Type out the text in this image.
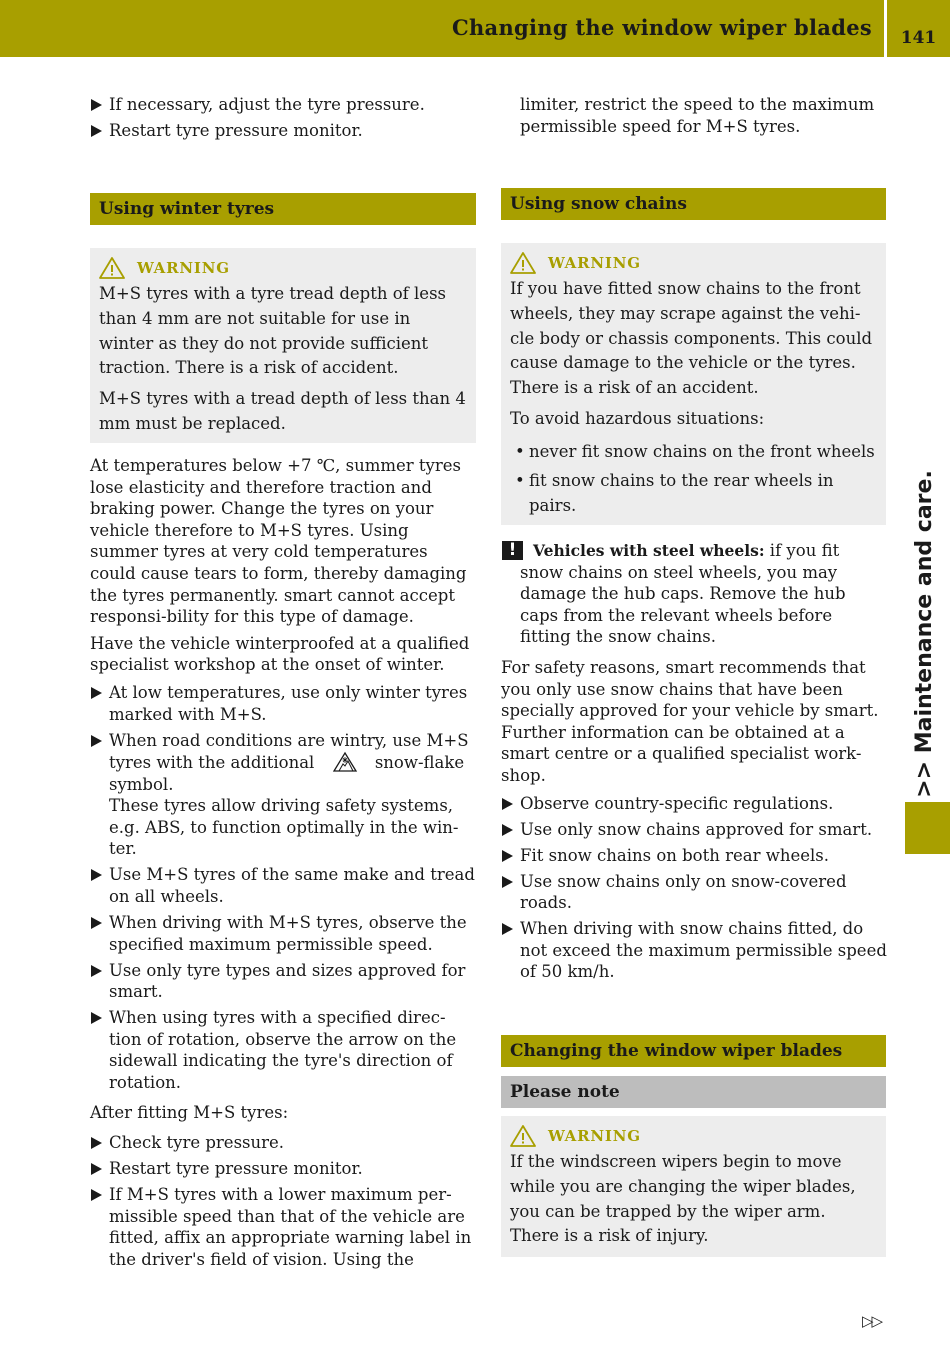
Changing the window wiper blades	141
If necessary, adjust the tyre pressure.
Restart tyre pressure monitor.
Using winter tyres
WARNING

M+S tyres with a tyre tread depth of less than 4 mm are not suitable for use in winter as they do not provide sufficient traction. There is a risk of accident.

M+S tyres with a tread depth of less than 4 mm must be replaced.

At temperatures below +7 ℃, summer tyres lose elasticity and therefore traction and braking power. Change the tyres on your vehicle therefore to M+S tyres. Using summer tyres at very cold temperatures could cause tears to form, thereby damaging the tyres permanently. smart cannot accept responsi-bility for this type of damage.

Have the vehicle winterproofed at a qualified specialist workshop at the onset of winter.

At low temperatures, use only winter tyres marked with M+S.
When road conditions are wintry, use M+S tyres with the additional	snow-flake symbol.
These tyres allow driving safety systems, e.g. ABS, to function optimally in the win-ter.
Use M+S tyres of the same make and tread on all wheels.
When driving with M+S tyres, observe the specified maximum permissible speed.
Use only tyre types and sizes approved for smart.
When using tyres with a specified direc-tion of rotation, observe the arrow on the sidewall indicating the tyre's direction of rotation.

After fitting M+S tyres:

Check tyre pressure.
Restart tyre pressure monitor.
If M+S tyres with a lower maximum per-missible speed than that of the vehicle are fitted, affix an appropriate warning label in the driver's field of vision. Using the

limiter, restrict the speed to the maximum permissible speed for M+S tyres.

Using snow chains
WARNING

If you have fitted snow chains to the front wheels, they may scrape against the vehi-cle body or chassis components. This could cause damage to the vehicle or the tyres. There is a risk of an accident.

To avoid hazardous situations:

• never fit snow chains on the front wheels
• fit snow chains to the rear wheels in pairs.
!	Vehicles with steel wheels: if you fit snow chains on steel wheels, you may damage the hub caps. Remove the hub caps from the relevant wheels before fitting the snow chains.

For safety reasons, smart recommends that you only use snow chains that have been specially approved for your vehicle by smart. Further information can be obtained at a smart centre or a qualified specialist work-shop.

Observe country-specific regulations.
Use only snow chains approved for smart.
Fit snow chains on both rear wheels.
Use snow chains only on snow-covered roads.
When driving with snow chains fitted, do not exceed the maximum permissible speed of 50 km/h.
Changing the window wiper blades
Please note
WARNING

If the windscreen wipers begin to move while you are changing the wiper blades, you can be trapped by the wiper arm. There is a risk of injury.

>> Maintenance and care.
▷▷
